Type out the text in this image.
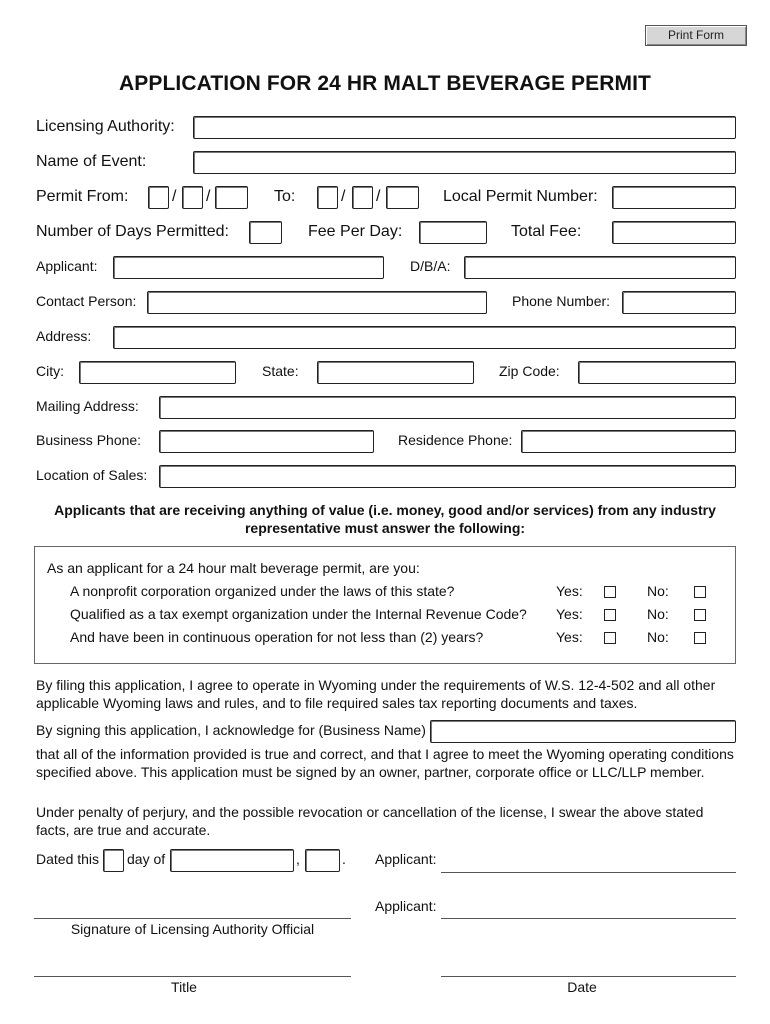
Print Form
APPLICATION FOR 24 HR MALT BEVERAGE PERMIT
Licensing Authority:
Name of Event:
Permit From:	/ /	To:	/ /	Local Permit Number:
Number of Days Permitted:	Fee Per Day:	Total Fee:
Applicant:	D/B/A:
Contact Person:	Phone Number:
Address:
City:	State:	Zip Code:
Mailing Address:
Business Phone:	Residence Phone:
Location of Sales:
Applicants that are receiving anything of value (i.e. money, good and/or services) from any industry representative must answer the following:
As an applicant for a 24 hour malt beverage permit, are you:
A nonprofit corporation organized under the laws of this state?	Yes:	No:
Qualified as a tax exempt organization under the Internal Revenue Code? Yes:	No:
And have been in continuous operation for not less than (2) years?	Yes:	No:
By filing this application, I agree to operate in Wyoming under the requirements of W.S. 12-4-502 and all other applicable Wyoming laws and rules, and to file required sales tax reporting documents and taxes.
By signing this application, I acknowledge for (Business Name)
that all of the information provided is true and correct, and that I agree to meet the Wyoming operating conditions specified above. This application must be signed by an owner, partner, corporate office or LLC/LLP member.
Under penalty of perjury, and the possible revocation or cancellation of the license, I swear the above stated facts, are true and accurate.
Dated this day of	,	. Applicant:
Applicant:
Signature of Licensing Authority Official
Title	Date
